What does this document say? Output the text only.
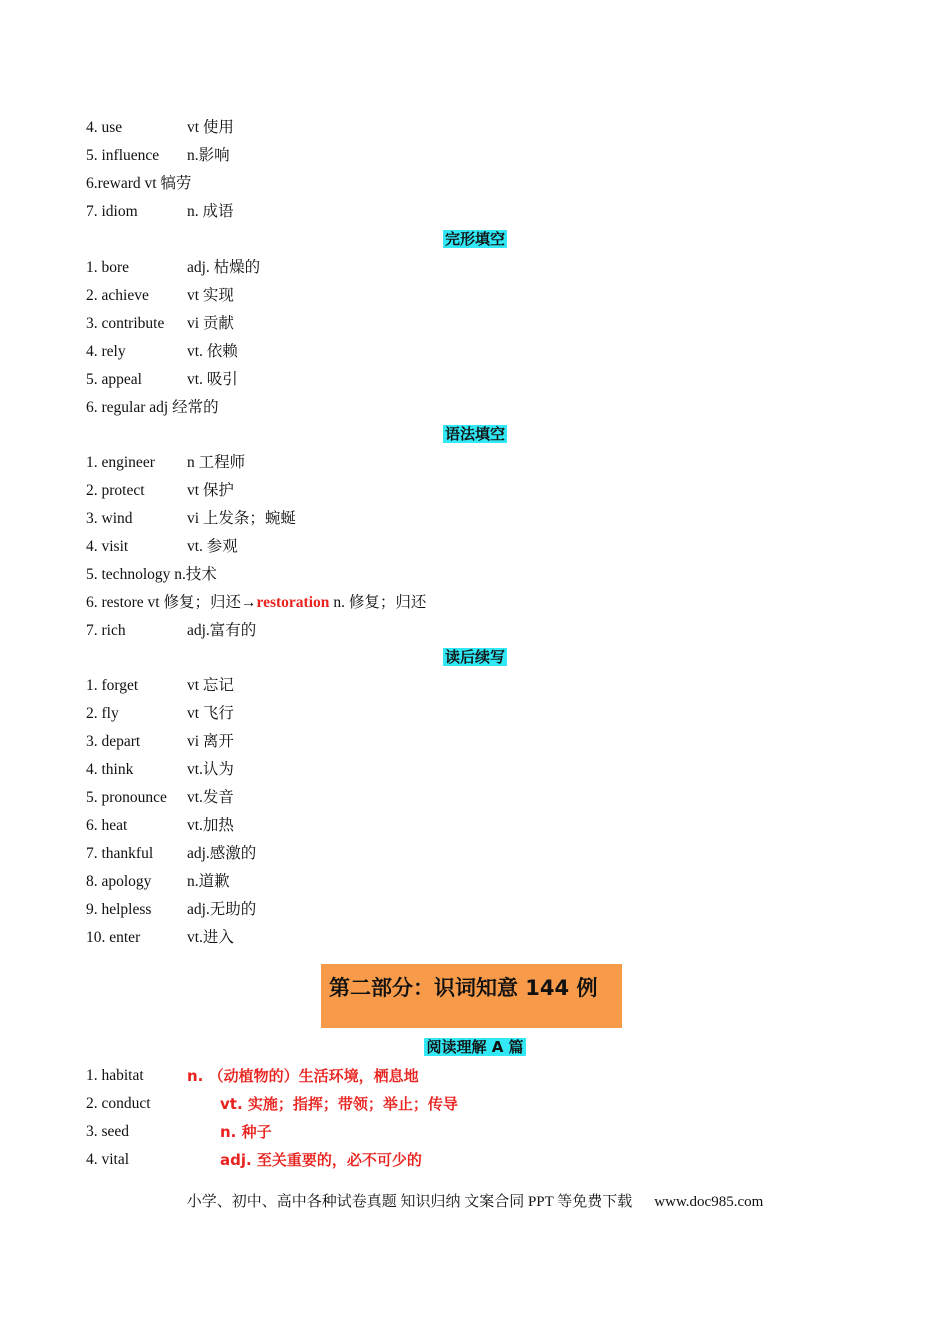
4. use	vt 使用
5. influence n.影响
6.reward vt 犒劳
7. idiom	n. 成语
完形填空
1. bore	adj. 枯燥的
2. achieve vt 实现
3. contribute vi 贡献
4. rely	vt. 依赖
5. appeal	vt. 吸引
6. regular adj 经常的
语法填空
1. engineer n 工程师
2. protect	vt 保护
3. wind	vi 上发条；蜿蜒
4. visit	vt. 参观
5. technology n.技术
6. restore vt 修复；归还→restoration n. 修复；归还
7. rich	adj.富有的
读后续写
1. forget	vt 忘记
2. fly	vt 飞行
3. depart	vi 离开
4. think	vt.认为
5. pronounce vt.发音
6. heat	vt.加热
7. thankful adj.感激的
8. apology n.道歉
9. helpless adj.无助的
10. enter	vt.进入
阅读理解 A 篇
1. habitat	n. （动植物的）生活环境，栖息地
2. conduct	vt. 实施；指挥；带领；举止；传导
3. seed	n. 种子
4. vital	adj. 至关重要的，必不可少的
第二部分：识词知意 144 例
小学、初中、高中各种试卷真题 知识归纳 文案合同 PPT 等免费下载 www.doc985.com
